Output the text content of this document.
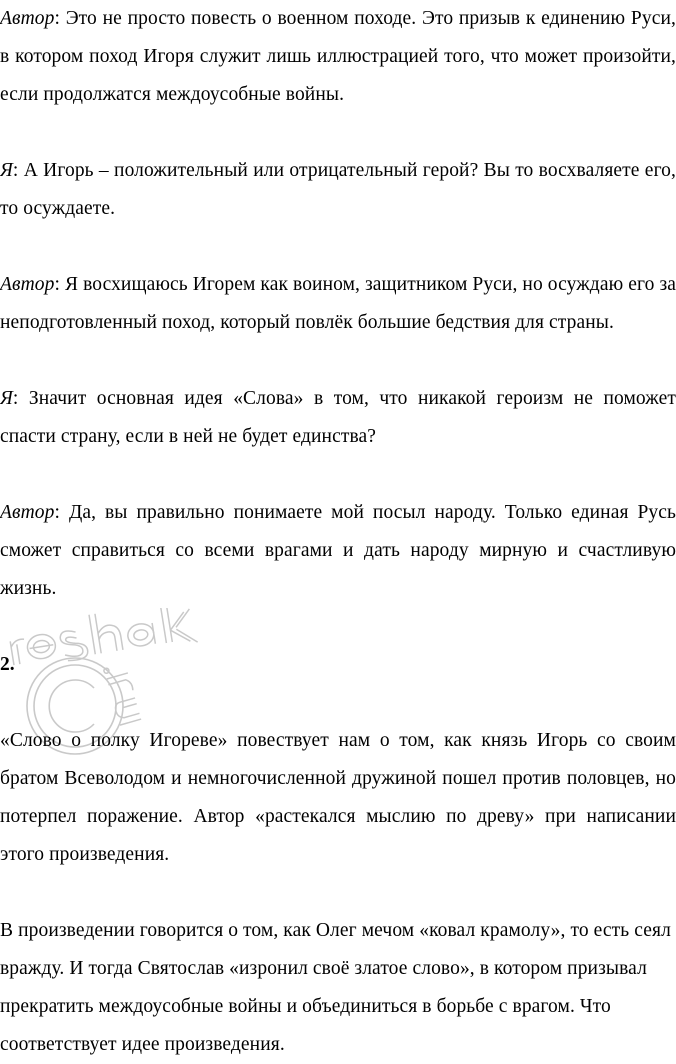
Автор: Это не просто повесть о военном походе. Это призыв к единению Руси, в котором поход Игоря служит лишь иллюстрацией того, что может произойти, если продолжатся междоусобные войны.

Я: А Игорь – положительный или отрицательный герой? Вы то восхваляете его, то осуждаете.

Автор: Я восхищаюсь Игорем как воином, защитником Руси, но осуждаю его за неподготовленный поход, который повлёк большие бедствия для страны.

Я: Значит основная идея «Слова» в том, что никакой героизм не поможет спасти страну, если в ней не будет единства?

Автор: Да, вы правильно понимаете мой посыл народу. Только единая Русь сможет справиться со всеми врагами и дать народу мирную и счастливую жизнь.

2.

«Слово о полку Игореве» повествует нам о том, как князь Игорь со своим братом Всеволодом и немногочисленной дружиной пошел против половцев, но потерпел поражение. Автор «растекался мыслию по древу» при написании этого произведения.

В произведении говорится о том, как Олег мечом «ковал крамолу», то есть сеял вражду. И тогда Святослав «изронил своё златое слово», в котором призывал прекратить междоусобные войны и объединиться в борьбе с врагом. Что соответствует идее произведения.
